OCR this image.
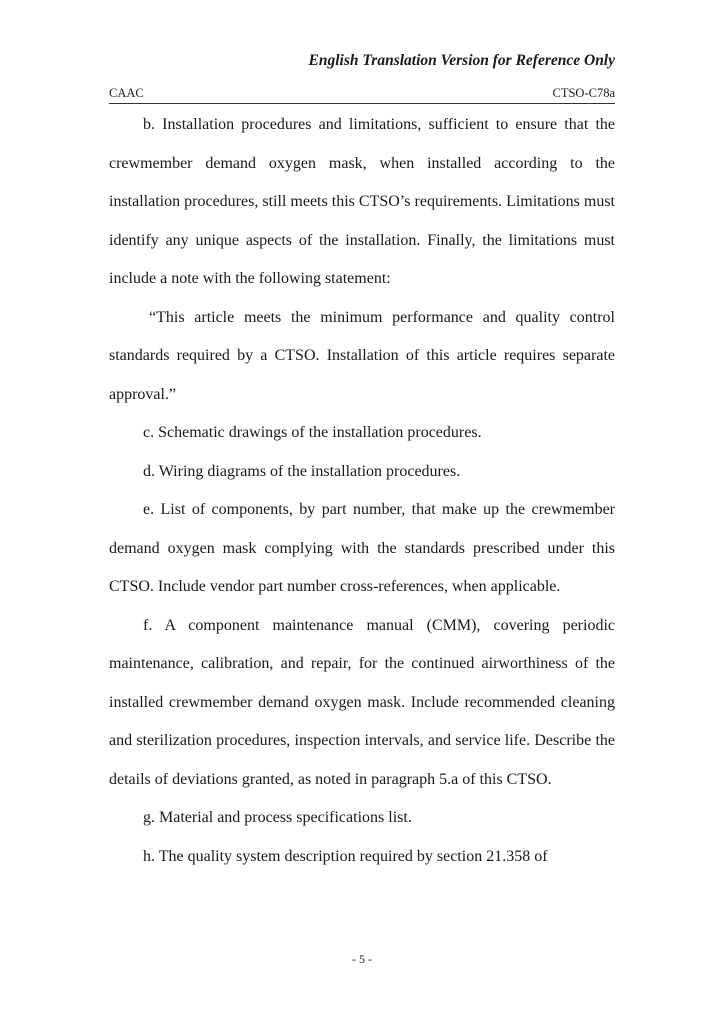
English Translation Version for Reference Only
CAAC	CTSO-C78a

b. Installation procedures and limitations, sufficient to ensure that the crewmember demand oxygen mask, when installed according to the installation procedures, still meets this CTSO’s requirements. Limitations must identify any unique aspects of the installation. Finally, the limitations must include a note with the following statement:

“This article meets the minimum performance and quality control standards required by a CTSO. Installation of this article requires separate approval.”

c. Schematic drawings of the installation procedures.

d. Wiring diagrams of the installation procedures.

e. List of components, by part number, that make up the crewmember demand oxygen mask complying with the standards prescribed under this CTSO. Include vendor part number cross-references, when applicable.

f. A component maintenance manual (CMM), covering periodic maintenance, calibration, and repair, for the continued airworthiness of the installed crewmember demand oxygen mask. Include recommended cleaning and sterilization procedures, inspection intervals, and service life. Describe the details of deviations granted, as noted in paragraph 5.a of this CTSO.

g. Material and process specifications list.

h. The quality system description required by section 21.358 of

- 5 -
